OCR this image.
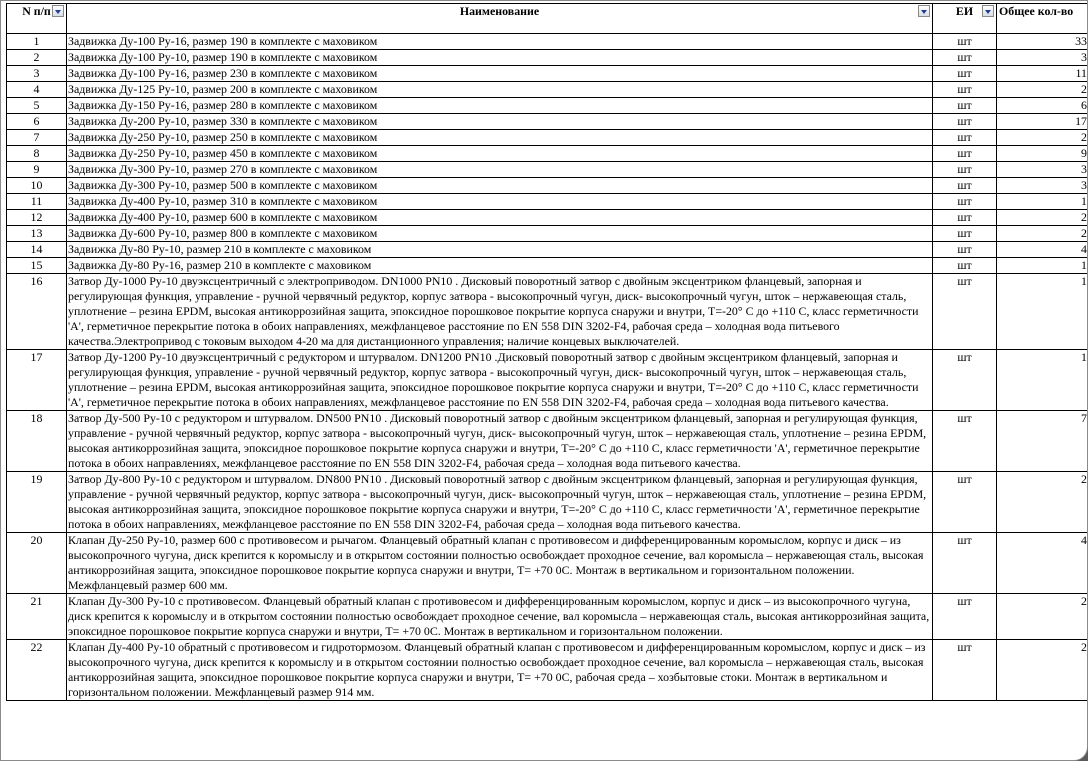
N п/п	Наименование	ЕИ	Общее кол-во

1	Задвижка Ду-100 Ру-16, размер 190 в комплекте с маховиком	шт	33
2	Задвижка Ду-100 Ру-10, размер 190 в комплекте с маховиком	шт	3
3	Задвижка Ду-100 Ру-16, размер 230 в комплекте с маховиком	шт	11
4	Задвижка Ду-125 Ру-10, размер 200 в комплекте с маховиком	шт	2
5	Задвижка Ду-150 Ру-16, размер 280 в комплекте с маховиком	шт	6
6	Задвижка Ду-200 Ру-10, размер 330 в комплекте с маховиком	шт	17
7	Задвижка Ду-250 Ру-10, размер 250 в комплекте с маховиком	шт	2
8	Задвижка Ду-250 Ру-10, размер 450 в комплекте с маховиком	шт	9
9	Задвижка Ду-300 Ру-10, размер 270 в комплекте с маховиком	шт	3
10	Задвижка Ду-300 Ру-10, размер 500 в комплекте с маховиком	шт	3
11	Задвижка Ду-400 Ру-10, размер 310 в комплекте с маховиком	шт	1
12	Задвижка Ду-400 Ру-10, размер 600 в комплекте с маховиком	шт	2
13	Задвижка Ду-600 Ру-10, размер 800 в комплекте с маховиком	шт	2
14	Задвижка Ду-80 Ру-10, размер 210 в комплекте с маховиком	шт	4
15	Задвижка Ду-80 Ру-16, размер 210 в комплекте с маховиком	шт	1
16	Затвор Ду-1000 Ру-10 двуэксцентричный с электроприводом. DN1000 PN10 . Дисковый поворотный затвор с двойным эксцентриком фланцевый, запорная и регулирующая функция, управление - ручной червячный редуктор, корпус затвора - высокопрочный чугун, диск- высокопрочный чугун, шток – нержавеющая сталь, уплотнение – резина EPDM, высокая антикоррозийная защита, эпоксидное порошковое покрытие корпуса снаружи и внутри, T=-20° С до +110 С, класс герметичности 'А', герметичное перекрытие потока в обоих направлениях, межфланцевое расстояние по EN 558 DIN 3202-F4, рабочая среда – холодная вода питьевого качества.Электропривод с токовым выходом 4-20 ма для дистанционного управления; наличие концевых выключателей.	шт	1
17	Затвор Ду-1200 Ру-10 двуэксцентричный с редуктором и штурвалом. DN1200 PN10 .Дисковый поворотный затвор с двойным эксцентриком фланцевый, запорная и регулирующая функция, управление - ручной червячный редуктор, корпус затвора - высокопрочный чугун, диск- высокопрочный чугун, шток – нержавеющая сталь, уплотнение – резина EPDM, высокая антикоррозийная защита, эпоксидное порошковое покрытие корпуса снаружи и внутри, T=-20° С до +110 С, класс герметичности 'А', герметичное перекрытие потока в обоих направлениях, межфланцевое расстояние по EN 558 DIN 3202-F4, рабочая среда – холодная вода питьевого качества.	шт	1
18	Затвор Ду-500 Ру-10 с редуктором и штурвалом. DN500 PN10 . Дисковый поворотный затвор с двойным эксцентриком фланцевый, запорная и регулирующая функция, управление - ручной червячный редуктор, корпус затвора - высокопрочный чугун, диск- высокопрочный чугун, шток – нержавеющая сталь, уплотнение – резина EPDM, высокая антикоррозийная защита, эпоксидное порошковое покрытие корпуса снаружи и внутри, T=-20° С до +110 С, класс герметичности 'А', герметичное перекрытие потока в обоих направлениях, межфланцевое расстояние по EN 558 DIN 3202-F4, рабочая среда – холодная вода питьевого качества.	шт	7
19	Затвор Ду-800 Ру-10 с редуктором и штурвалом. DN800 PN10 . Дисковый поворотный затвор с двойным эксцентриком фланцевый, запорная и регулирующая функция, управление - ручной червячный редуктор, корпус затвора - высокопрочный чугун, диск- высокопрочный чугун, шток – нержавеющая сталь, уплотнение – резина EPDM, высокая антикоррозийная защита, эпоксидное порошковое покрытие корпуса снаружи и внутри, T=-20° С до +110 С, класс герметичности 'А', герметичное перекрытие потока в обоих направлениях, межфланцевое расстояние по EN 558 DIN 3202-F4, рабочая среда – холодная вода питьевого качества.	шт	2
20	Клапан Ду-250 Ру-10, размер 600 с противовесом и рычагом. Фланцевый обратный клапан с противовесом и дифференцированным коромыслом, корпус и диск – из высокопрочного чугуна, диск крепится к коромыслу и в открытом состоянии полностью освобождает проходное сечение, вал коромысла – нержавеющая сталь, высокая антикоррозийная защита, эпоксидное порошковое покрытие корпуса снаружи и внутри, T= +70 0С. Монтаж в вертикальном и горизонтальном положении. Межфланцевый размер 600 мм.	шт	4
21	Клапан Ду-300 Ру-10 с противовесом. Фланцевый обратный клапан с противовесом и дифференцированным коромыслом, корпус и диск – из высокопрочного чугуна, диск крепится к коромыслу и в открытом состоянии полностью освобождает проходное сечение, вал коромысла – нержавеющая сталь, высокая антикоррозийная защита, эпоксидное порошковое покрытие корпуса снаружи и внутри, T= +70 0С. Монтаж в вертикальном и горизонтальном положении.	шт	2
22	Клапан Ду-400 Ру-10 обратный с противовесом и гидротормозом. Фланцевый обратный клапан с противовесом и дифференцированным коромыслом, корпус и диск – из высокопрочного чугуна, диск крепится к коромыслу и в открытом состоянии полностью освобождает проходное сечение, вал коромысла – нержавеющая сталь, высокая антикоррозийная защита, эпоксидное порошковое покрытие корпуса снаружи и внутри, T= +70 0С, рабочая среда – хозбытовые стоки. Монтаж в вертикальном и горизонтальном положении. Межфланцевый размер 914 мм.	шт	2
